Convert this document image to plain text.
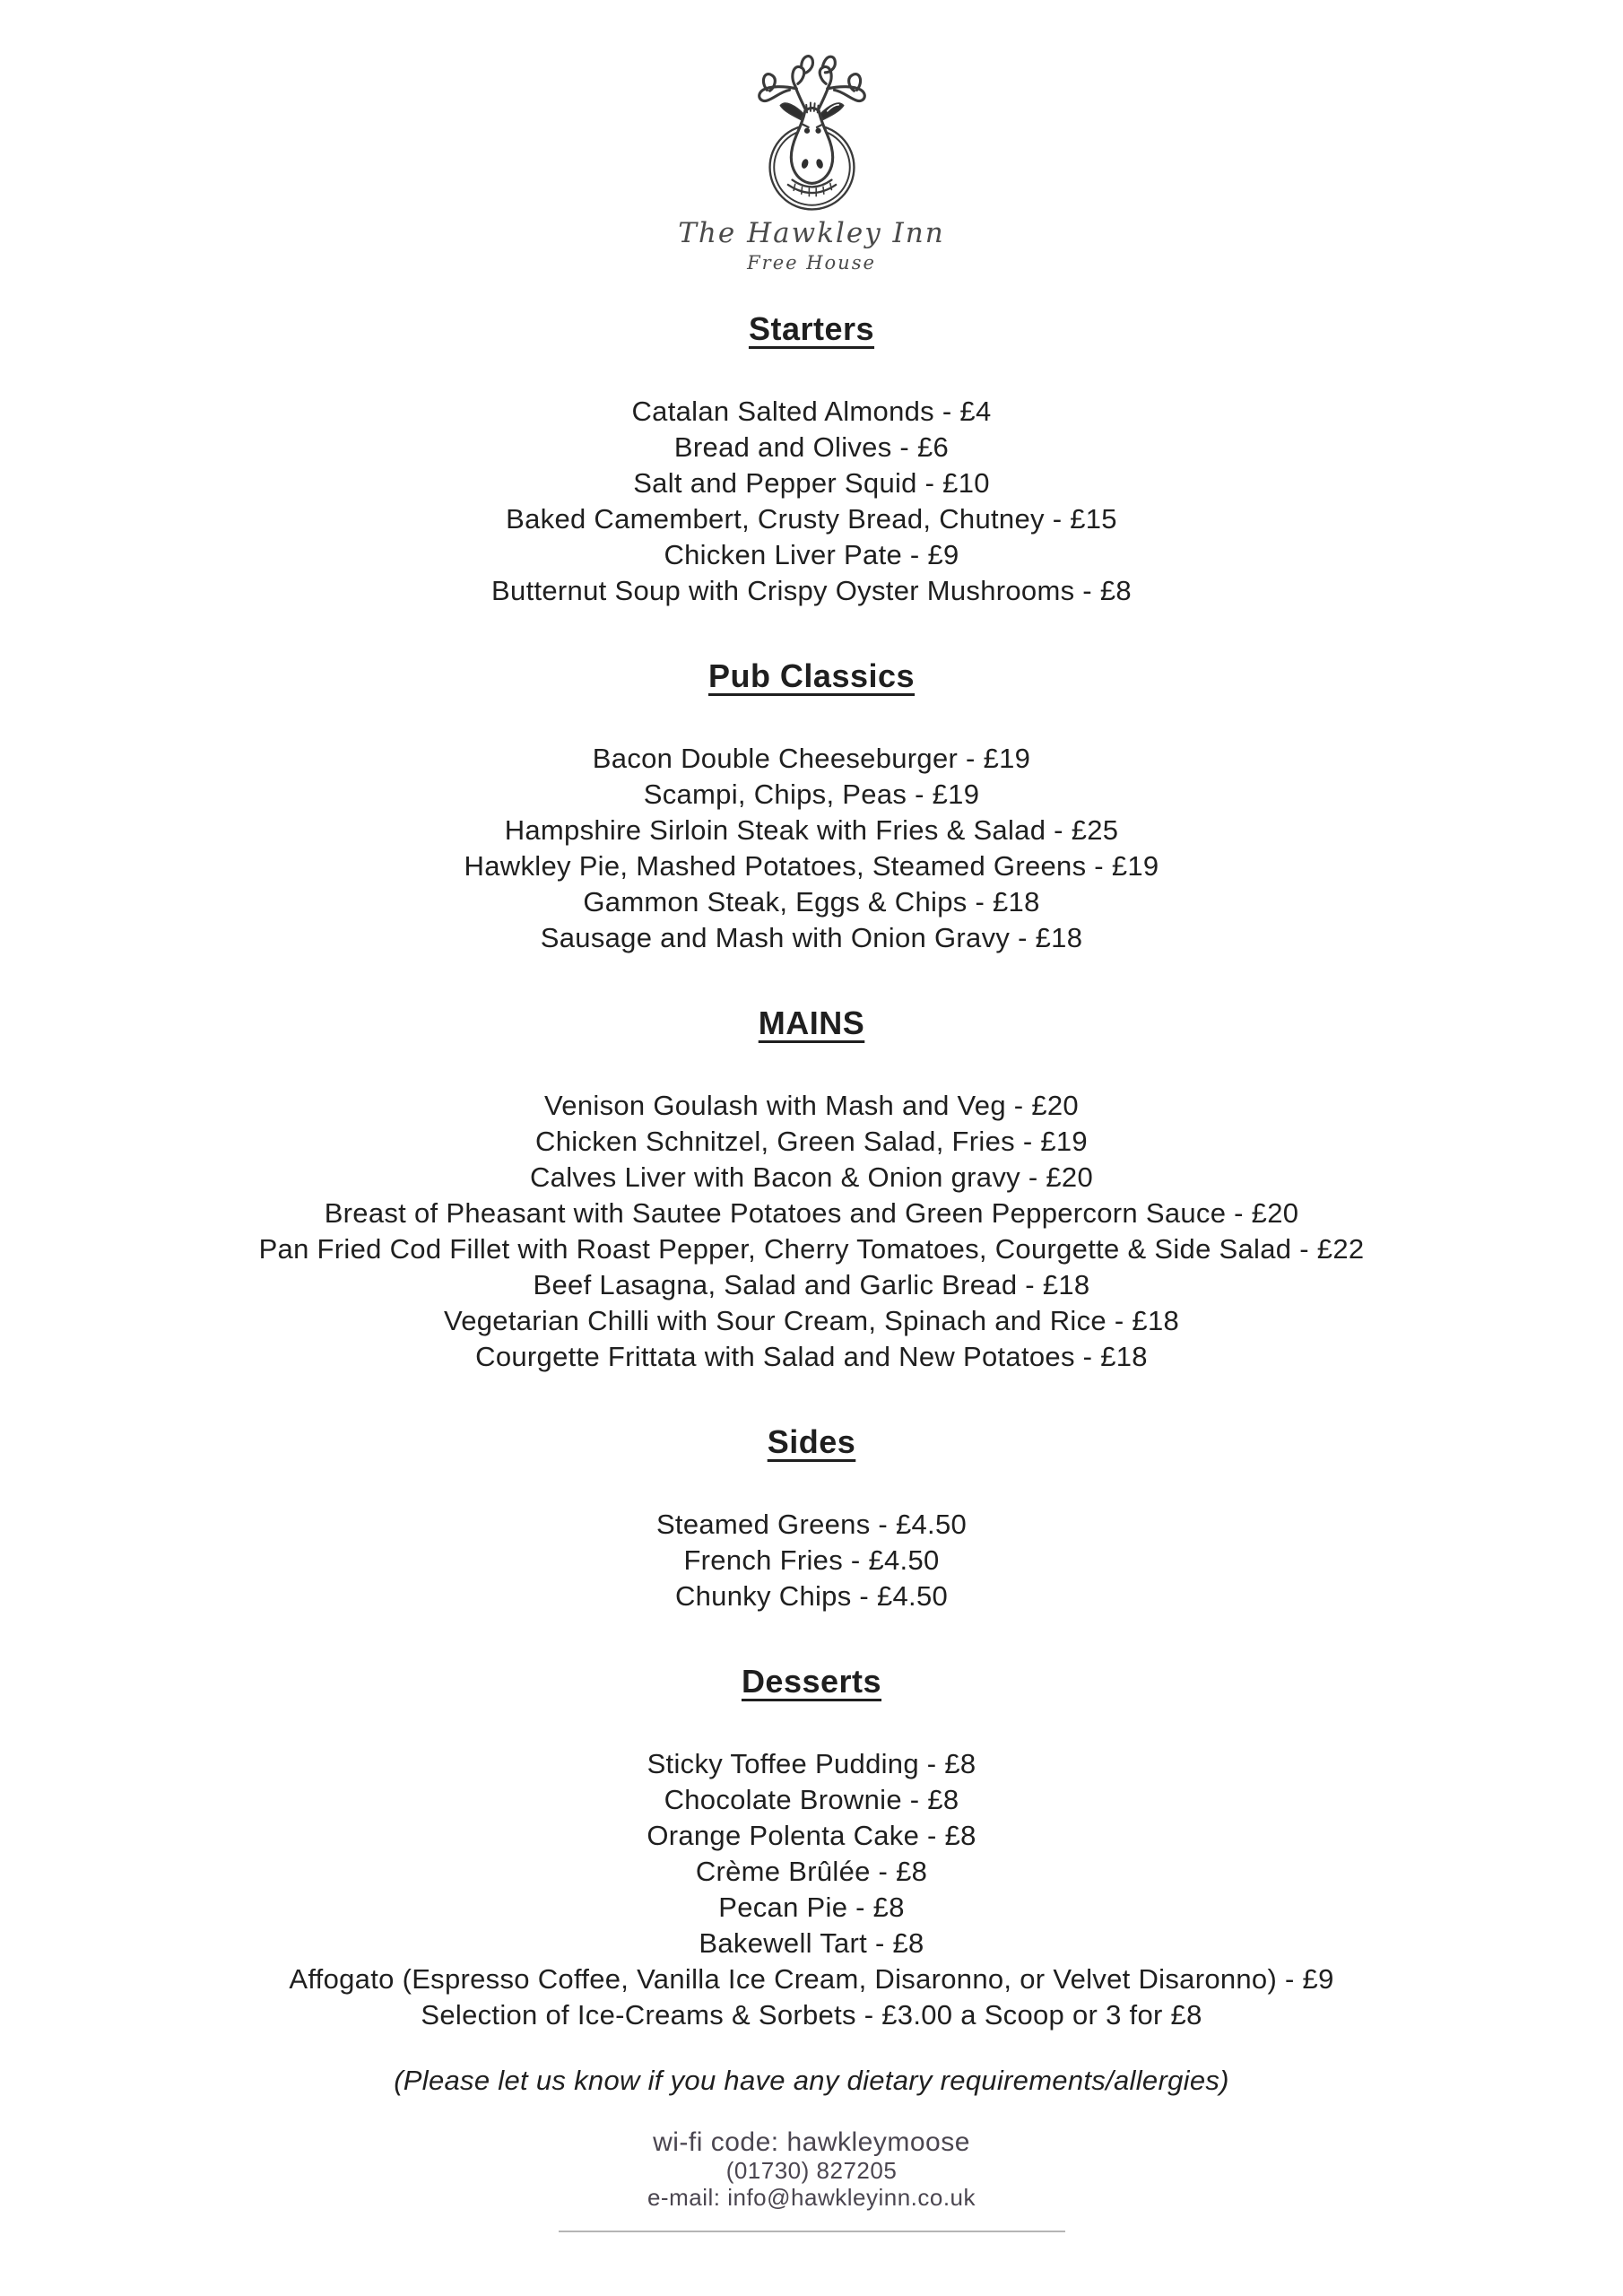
The Hawkley Inn
Free House
Starters
Catalan Salted Almonds - £4
Bread and Olives - £6
Salt and Pepper Squid - £10
Baked Camembert, Crusty Bread, Chutney - £15
Chicken Liver Pate - £9
Butternut Soup with Crispy Oyster Mushrooms - £8
Pub Classics
Bacon Double Cheeseburger - £19
Scampi, Chips, Peas - £19
Hampshire Sirloin Steak with Fries & Salad - £25
Hawkley Pie, Mashed Potatoes, Steamed Greens - £19
Gammon Steak, Eggs & Chips - £18
Sausage and Mash with Onion Gravy - £18
MAINS
Venison Goulash with Mash and Veg - £20
Chicken Schnitzel, Green Salad, Fries - £19
Calves Liver with Bacon & Onion gravy - £20
Breast of Pheasant with Sautee Potatoes and Green Peppercorn Sauce - £20
Pan Fried Cod Fillet with Roast Pepper, Cherry Tomatoes, Courgette & Side Salad - £22
Beef Lasagna, Salad and Garlic Bread - £18
Vegetarian Chilli with Sour Cream, Spinach and Rice - £18
Courgette Frittata with Salad and New Potatoes - £18
Sides
Steamed Greens - £4.50
French Fries - £4.50
Chunky Chips - £4.50
Desserts
Sticky Toffee Pudding - £8
Chocolate Brownie - £8
Orange Polenta Cake - £8
Crème Brûlée - £8
Pecan Pie - £8
Bakewell Tart - £8
Affogato (Espresso Coffee, Vanilla Ice Cream, Disaronno, or Velvet Disaronno) - £9
Selection of Ice-Creams & Sorbets - £3.00 a Scoop or 3 for £8

(Please let us know if you have any dietary requirements/allergies)

wi-fi code: hawkleymoose
(01730) 827205
e-mail: info@hawkleyinn.co.uk
